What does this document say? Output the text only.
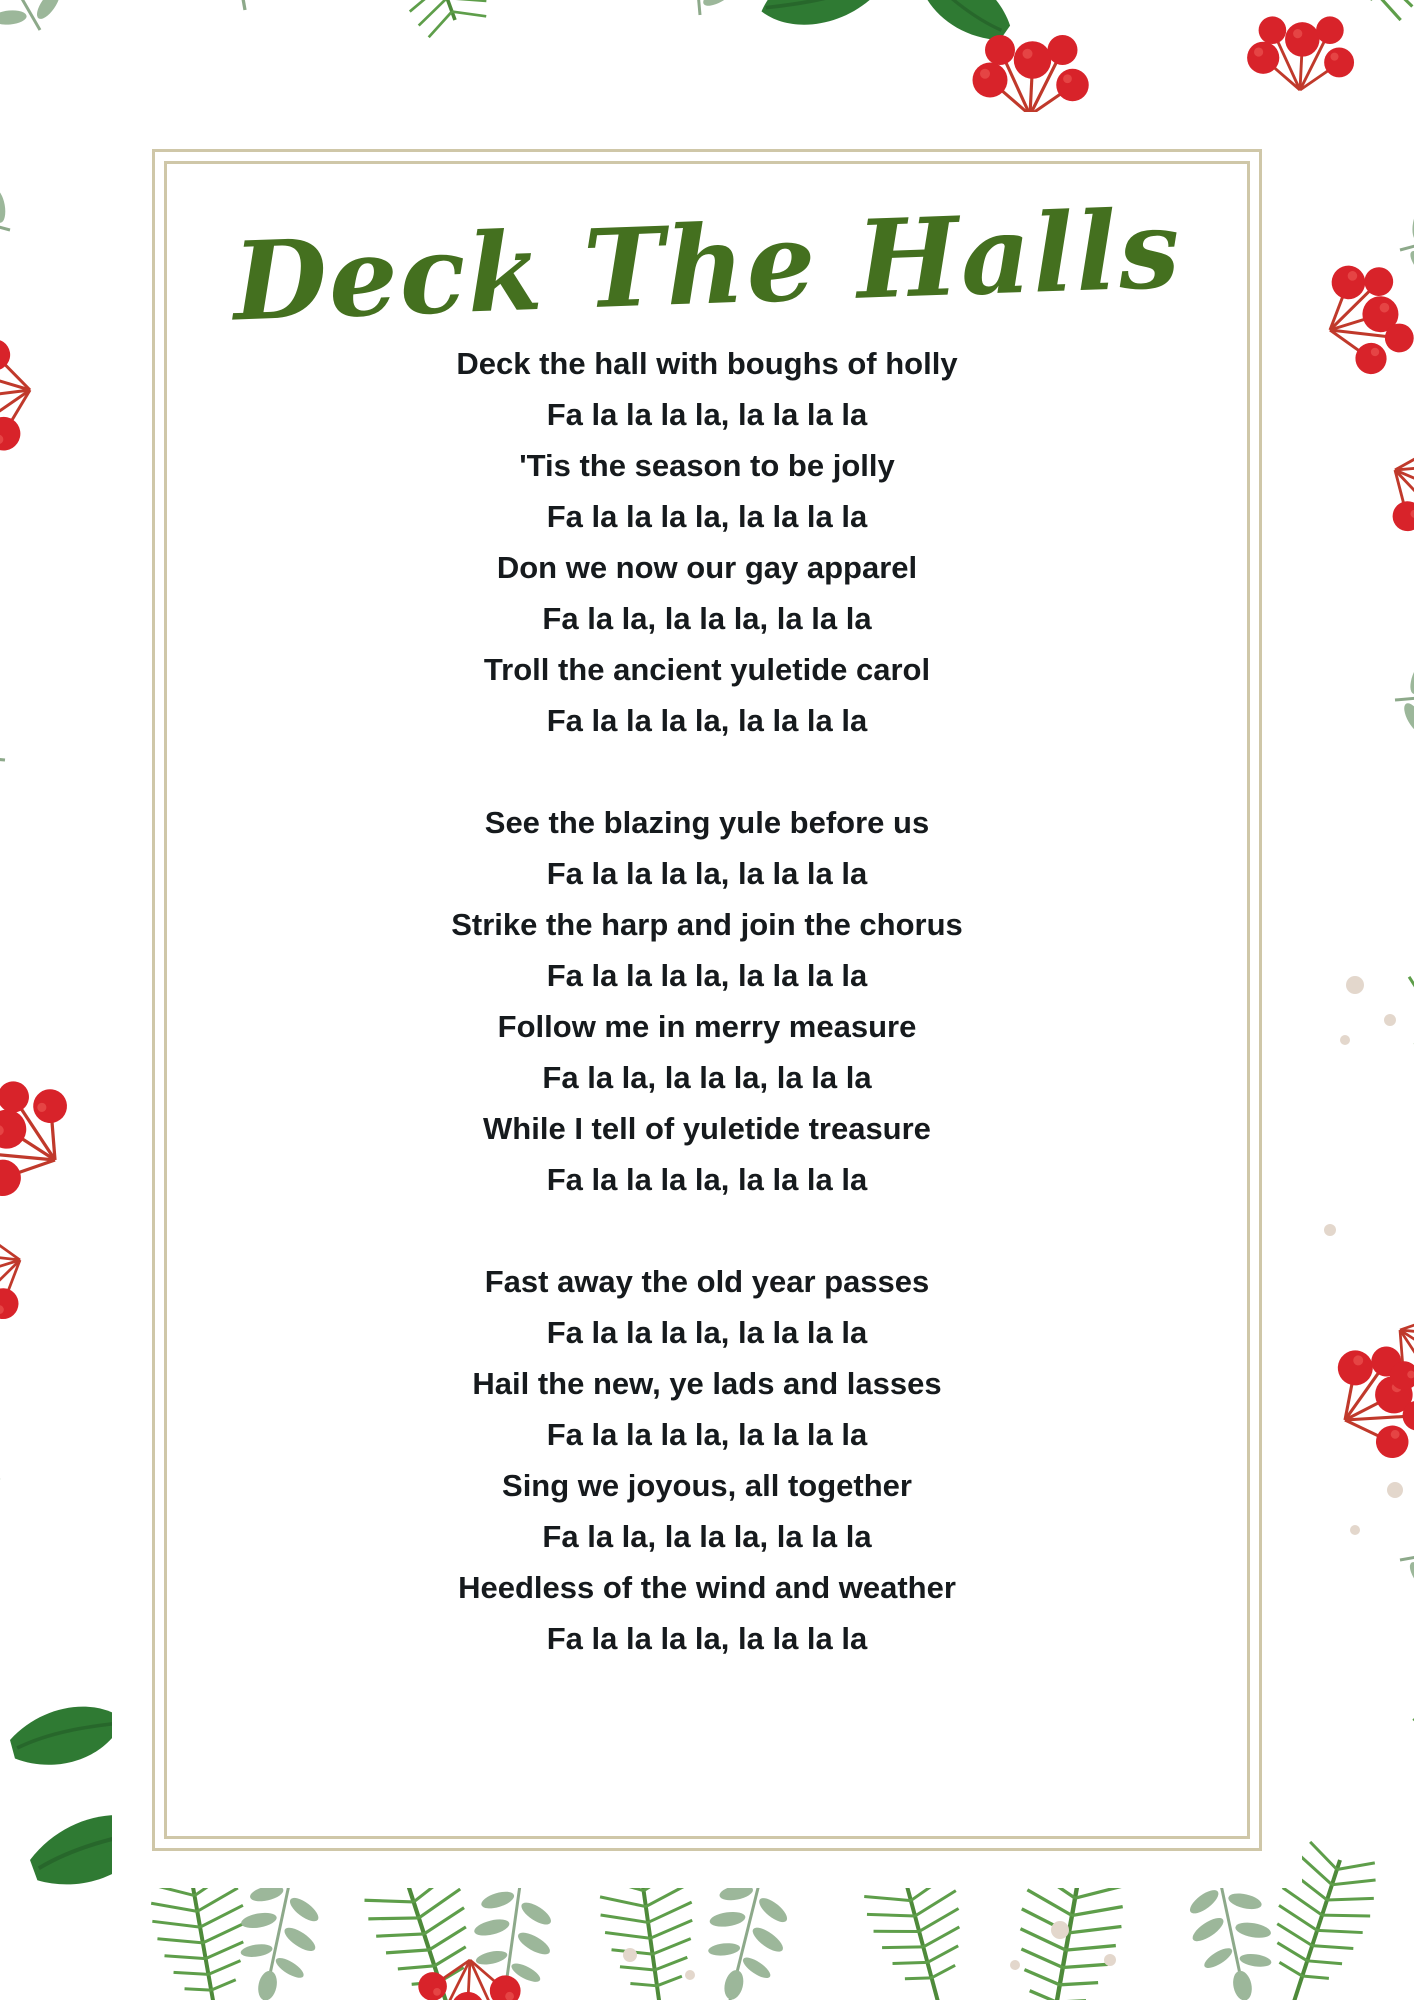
Deck The Halls
Deck the hall with boughs of holly
Fa la la la la, la la la la
'Tis the season to be jolly
Fa la la la la, la la la la
Don we now our gay apparel
Fa la la, la la la, la la la
Troll the ancient yuletide carol
Fa la la la la, la la la la
See the blazing yule before us
Fa la la la la, la la la la
Strike the harp and join the chorus
Fa la la la la, la la la la
Follow me in merry measure
Fa la la, la la la, la la la
While I tell of yuletide treasure
Fa la la la la, la la la la
Fast away the old year passes
Fa la la la la, la la la la
Hail the new, ye lads and lasses
Fa la la la la, la la la la
Sing we joyous, all together
Fa la la, la la la, la la la
Heedless of the wind and weather
Fa la la la la, la la la la
